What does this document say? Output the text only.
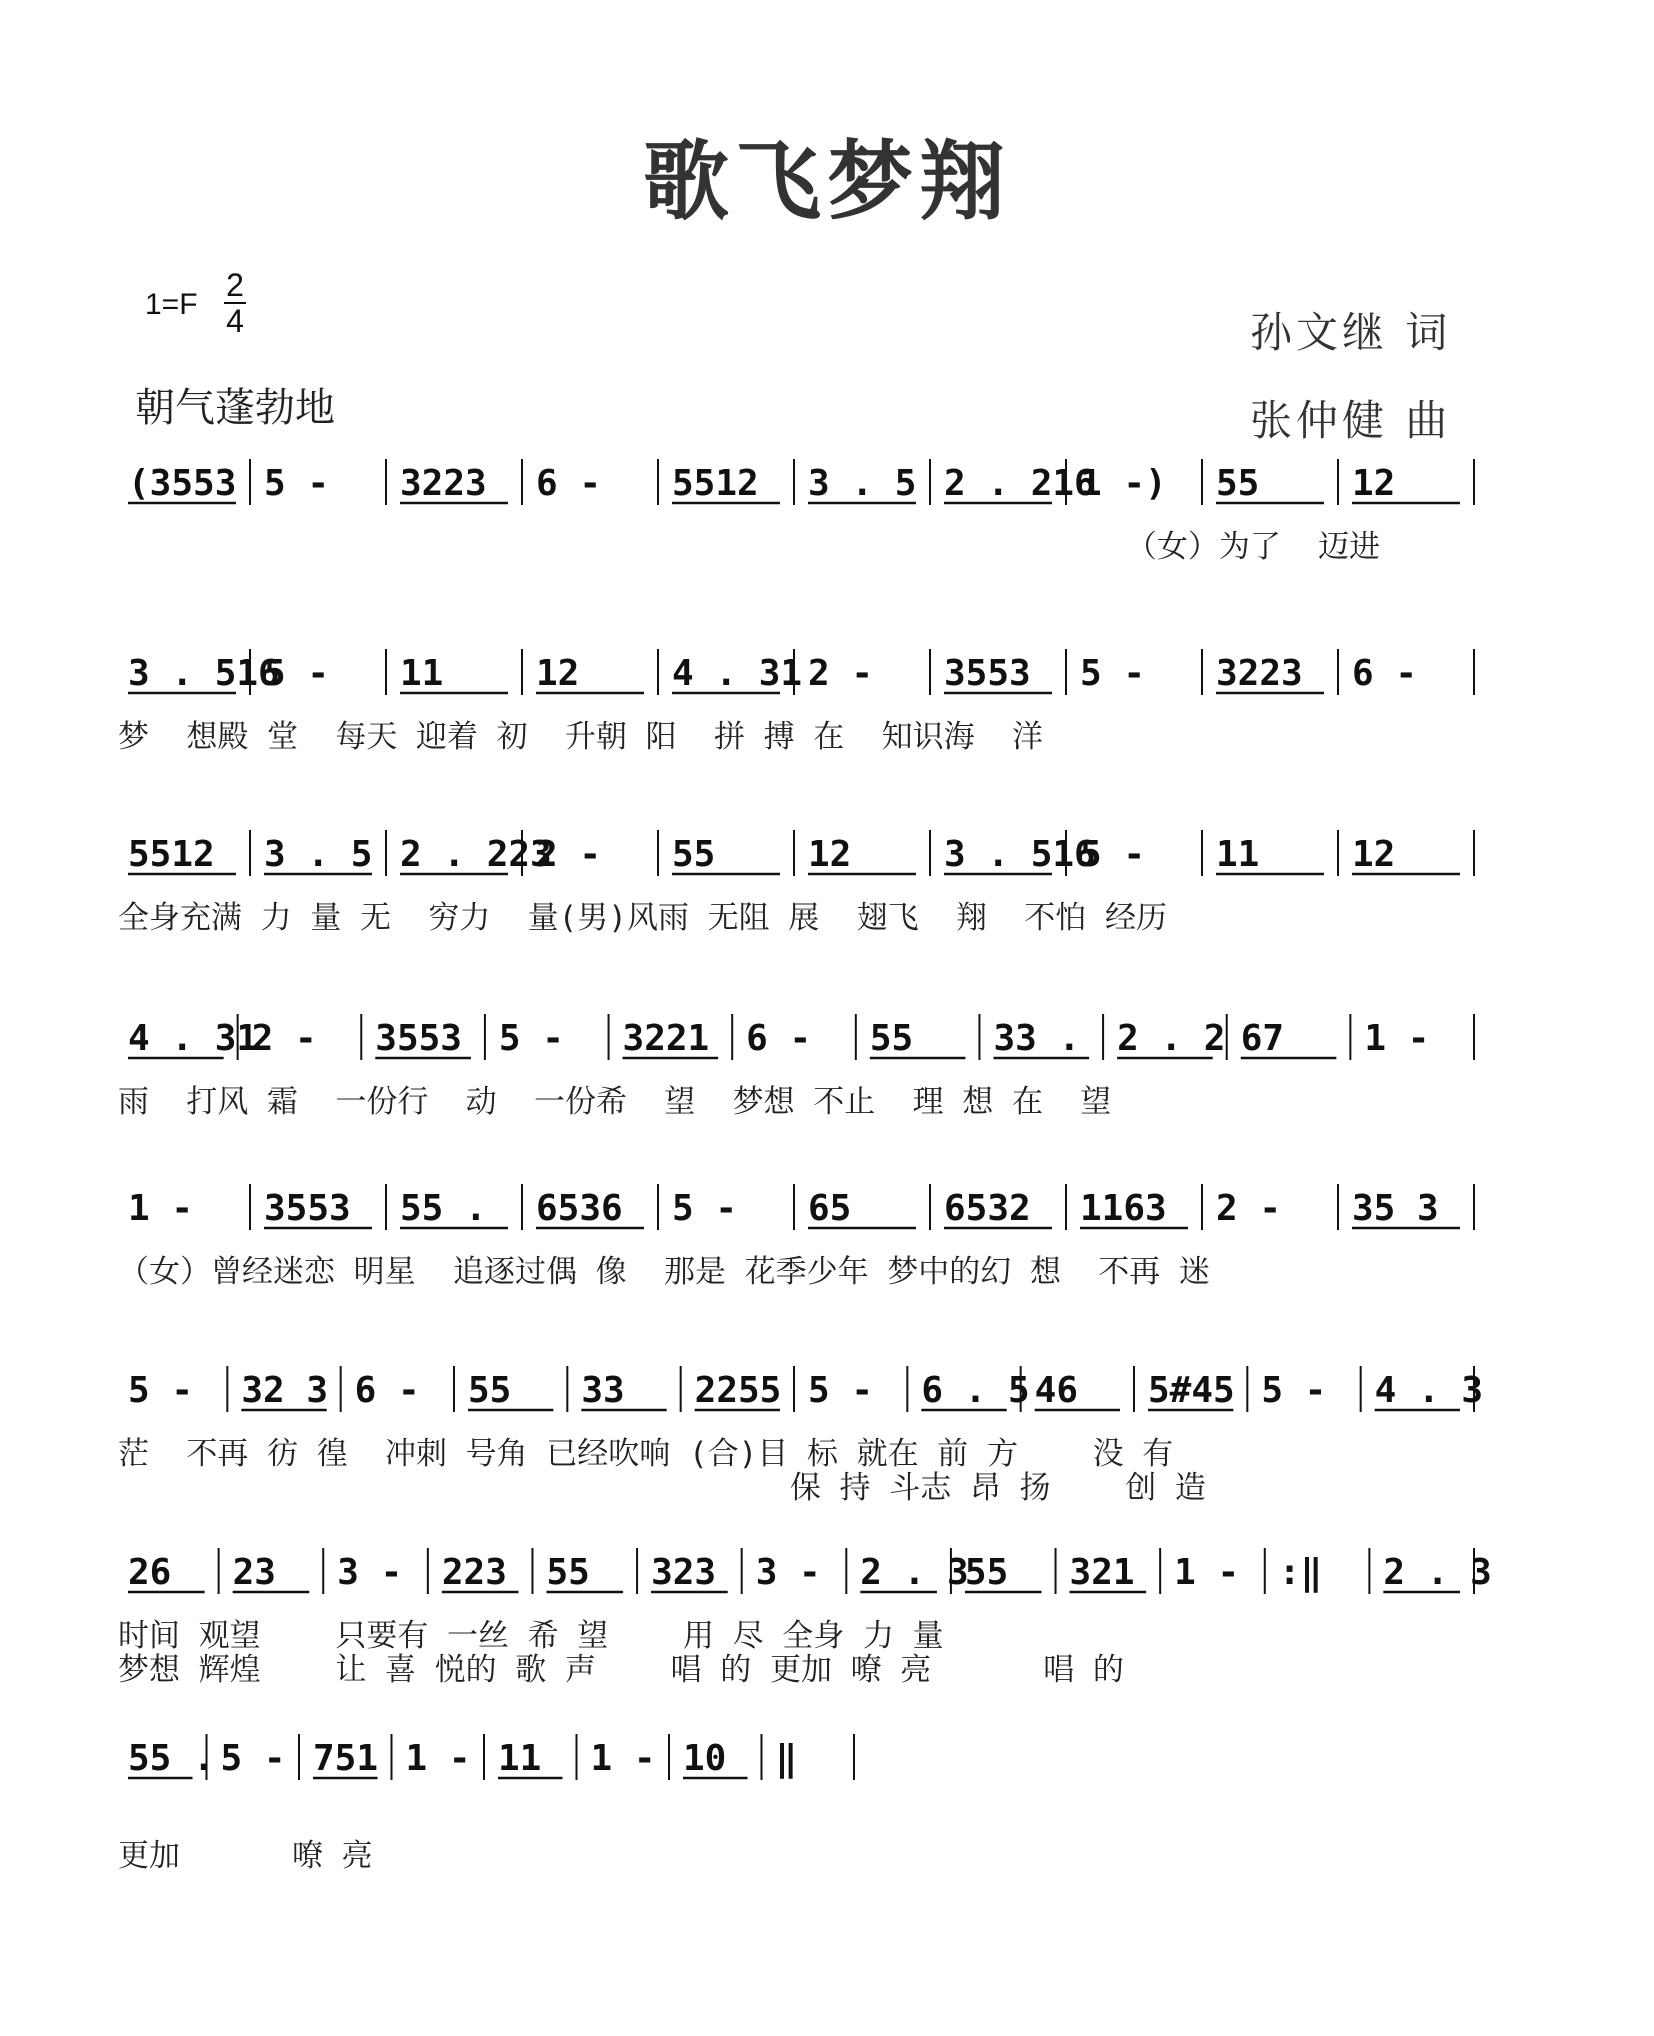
歌飞梦翔
1=F
2
4
朝气蓬勃地
孙文继 词
张仲健 曲
(3553 5 - 3223 6 - 5512 3 . 5 2 . 216
1 -) 55	12
（女）为了  迈进
3 . 516
5 - 11	12	4 . 31 2 - 3553 5 - 3223 6 -
梦  想殿 堂  每天 迎着 初  升朝 阳  拼 搏 在  知识海  洋
5512 3 . 5 2 . 223
2 - 55	12	3 . 516
5 - 11	12
全身充满 力 量 无  穷力  量(男)风雨 无阻 展  翅飞  翔  不怕 经历
4 . 31
2 - 3553 5 - 3221 6 - 55 33 . 2 . 2 67 1 -
雨  打风 霜  一份行  动  一份希  望  梦想 不止  理 想 在  望
1 - 3553 55 . 6536 5 - 65	6532 1163 2 - 35 3
（女）曾经迷恋 明星  追逐过偶 像  那是 花季少年 梦中的幻 想  不再 迷
5 - 32 3 6 - 55 33 2255 5 - 6 . 5 46 5#45 5 - 4 . 3
茫  不再 彷 徨  冲刺 号角 已经吹响 (合)目 标 就在 前 方    没 有
保 持 斗志 昂 扬    创 造
26 23 3 - 223 55 323 3 - 2 . 3
55 321 1 - :‖ 2 . 3
时间 观望    只要有 一丝 希 望    用 尽 全身 力 量
梦想 辉煌    让 喜 悦的 歌 声    唱 的 更加 嘹 亮      唱 的
55 . 5 - 751 1 - 11 1 - 10 ‖
更加      嘹 亮
